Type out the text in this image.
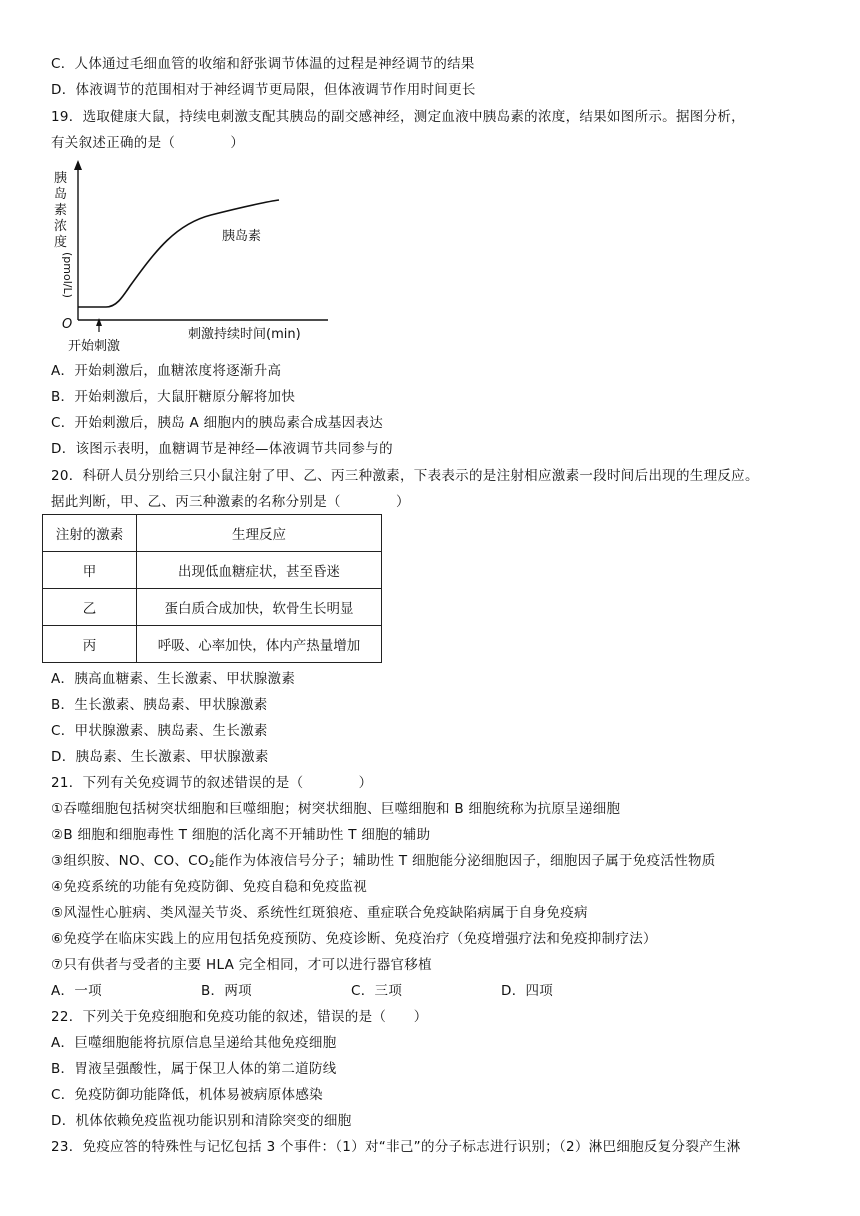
C．人体通过毛细血管的收缩和舒张调节体温的过程是神经调节的结果
D．体液调节的范围相对于神经调节更局限，但体液调节作用时间更长
19．选取健康大鼠，持续电刺激支配其胰岛的副交感神经，测定血液中胰岛素的浓度，结果如图所示。据图分析，
有关叙述正确的是（　　　　）
胰
岛
素
浓
度
(pmol/L)
O
胰岛素
刺激持续时间(min)
开始刺激
A．开始刺激后，血糖浓度将逐渐升高
B．开始刺激后，大鼠肝糖原分解将加快
C．开始刺激后，胰岛 A 细胞内的胰岛素合成基因表达
D．该图示表明，血糖调节是神经—体液调节共同参与的
20．科研人员分别给三只小鼠注射了甲、乙、丙三种激素，下表表示的是注射相应激素一段时间后出现的生理反应。
据此判断，甲、乙、丙三种激素的名称分别是（　　　　）
注射的激素	生理反应
甲	出现低血糖症状，甚至昏迷
乙	蛋白质合成加快，软骨生长明显
丙	呼吸、心率加快，体内产热量增加
A．胰高血糖素、生长激素、甲状腺激素
B．生长激素、胰岛素、甲状腺激素
C．甲状腺激素、胰岛素、生长激素
D．胰岛素、生长激素、甲状腺激素
21．下列有关免疫调节的叙述错误的是（　　　　）
①吞噬细胞包括树突状细胞和巨噬细胞；树突状细胞、巨噬细胞和 B 细胞统称为抗原呈递细胞
②B 细胞和细胞毒性 T 细胞的活化离不开辅助性 T 细胞的辅助
③组织胺、NO、CO、$CO_2$能作为体液信号分子；辅助性 T 细胞能分泌细胞因子，细胞因子属于免疫活性物质
④免疫系统的功能有免疫防御、免疫自稳和免疫监视
⑤风湿性心脏病、类风湿关节炎、系统性红斑狼疮、重症联合免疫缺陷病属于自身免疫病
⑥免疫学在临床实践上的应用包括免疫预防、免疫诊断、免疫治疗（免疫增强疗法和免疫抑制疗法）
⑦只有供者与受者的主要 HLA 完全相同，才可以进行器官移植
A．一项	B．两项	C．三项	D．四项
22．下列关于免疫细胞和免疫功能的叙述，错误的是（　　）
A．巨噬细胞能将抗原信息呈递给其他免疫细胞
B．胃液呈强酸性，属于保卫人体的第二道防线
C．免疫防御功能降低，机体易被病原体感染
D．机体依赖免疫监视功能识别和清除突变的细胞
23．免疫应答的特殊性与记忆包括 3 个事件：（1）对“非己”的分子标志进行识别；（2）淋巴细胞反复分裂产生淋
